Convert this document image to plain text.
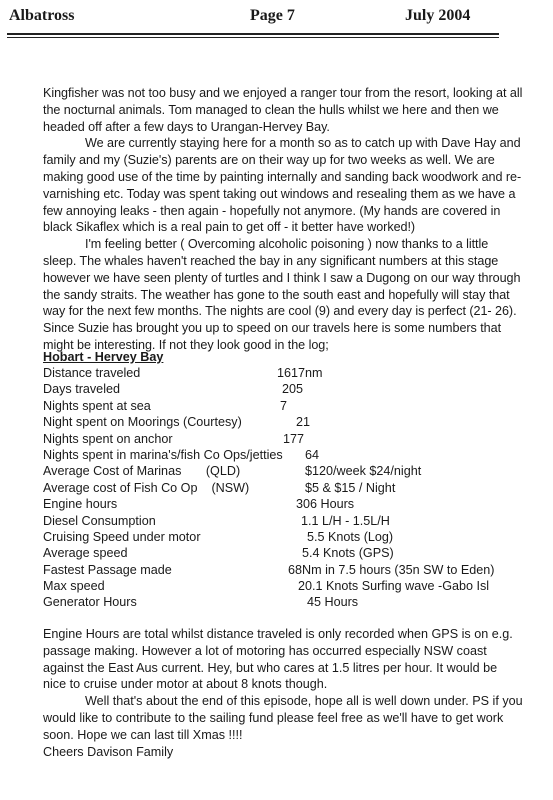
Albatross	Page 7	July 2004

Kingfisher was not too busy and we enjoyed a ranger tour from the resort, looking at all the nocturnal animals. Tom managed to clean the hulls whilst we here and then we headed off after a few days to Urangan-Hervey Bay.

We are currently staying here for a month so as to catch up with Dave Hay and family and my (Suzie's) parents are on their way up for two weeks as well. We are making good use of the time by painting internally and sanding back woodwork and re-varnishing etc. Today was spent taking out windows and resealing them as we have a few annoying leaks - then again - hopefully not anymore. (My hands are covered in black Sikaflex which is a real pain to get off - it better have worked!)

I'm feeling better ( Overcoming alcoholic poisoning ) now thanks to a little sleep. The whales haven't reached the bay in any significant numbers at this stage however we have seen plenty of turtles and I think I saw a Dugong on our way through the sandy straits. The weather has gone to the south east and hopefully will stay that way for the next few months. The nights are cool (9) and every day is perfect (21- 26). Since Suzie has brought you up to speed on our travels here is some numbers that might be interesting. If not they look good in the log;

Hobart - Hervey Bay
Distance traveled	1617nm
Days traveled	205
Nights spent at sea	7
Night spent on Moorings (Courtesy)	21
Nights spent on anchor	177
Nights spent in marina's/fish Co Ops/jetties 64
Average Cost of Marinas       (QLD)	$120/week $24/night
Average cost of Fish Co Op    (NSW)	$5 & $15 / Night
Engine hours	306 Hours
Diesel Consumption	1.1 L/H - 1.5L/H
Cruising Speed under motor	5.5 Knots (Log)
Average speed	5.4 Knots (GPS)
Fastest Passage made	68Nm in 7.5 hours (35n SW to Eden)
Max speed	20.1 Knots Surfing wave -Gabo Isl
Generator Hours	45 Hours

Engine Hours are total whilst distance traveled is only recorded when GPS is on e.g. passage making. However a lot of motoring has occurred especially NSW coast against the East Aus current. Hey, but who cares at 1.5 litres per hour. It would be nice to cruise under motor at about 8 knots though.

Well that's about the end of this episode, hope all is well down under. PS if you would like to contribute to the sailing fund please feel free as we'll have to get work soon. Hope we can last till Xmas !!!!

Cheers Davison Family
